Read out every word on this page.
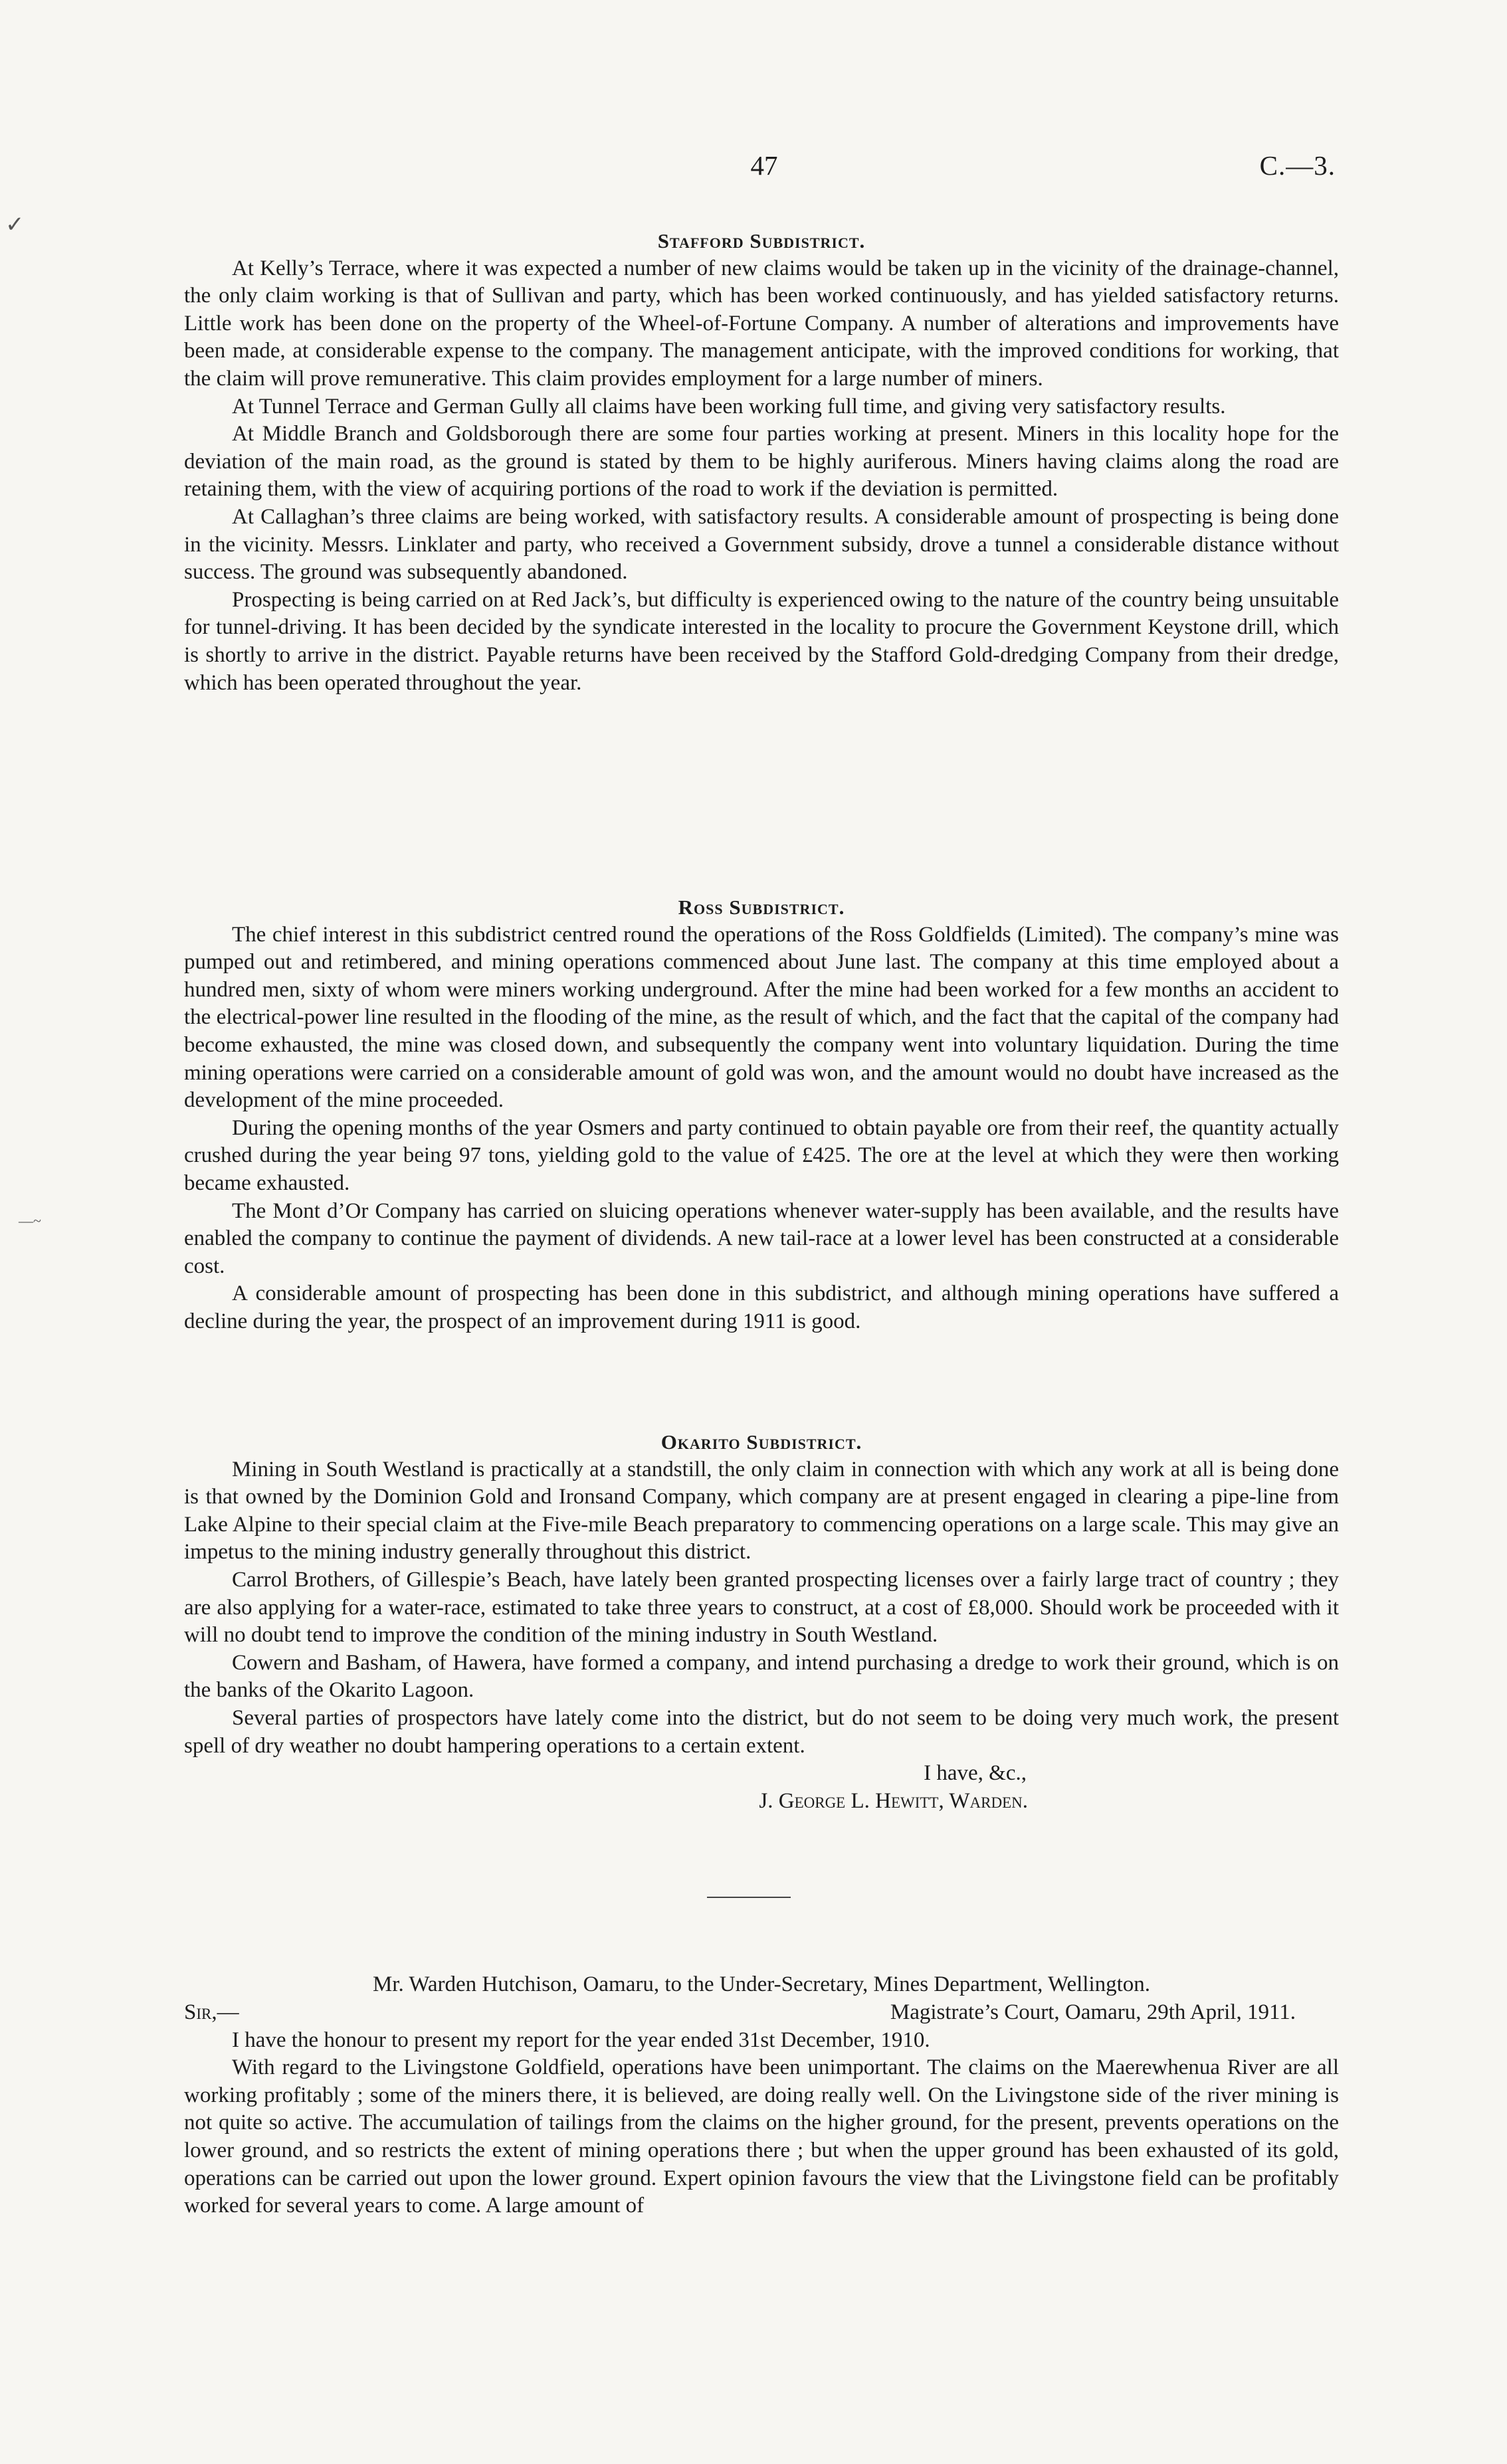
47	C.—3.
✓
—~
Stafford Subdistrict.

At Kelly’s Terrace, where it was expected a number of new claims would be taken up in the vicinity of the drainage-channel, the only claim working is that of Sullivan and party, which has been worked continuously, and has yielded satisfactory returns. Little work has been done on the property of the Wheel-of-Fortune Company. A number of alterations and improvements have been made, at considerable expense to the company. The management anticipate, with the improved conditions for working, that the claim will prove remunerative. This claim provides employment for a large number of miners.

At Tunnel Terrace and German Gully all claims have been working full time, and giving very satisfactory results.

At Middle Branch and Goldsborough there are some four parties working at present. Miners in this locality hope for the deviation of the main road, as the ground is stated by them to be highly auriferous. Miners having claims along the road are retaining them, with the view of acquiring portions of the road to work if the deviation is permitted.

At Callaghan’s three claims are being worked, with satisfactory results. A considerable amount of prospecting is being done in the vicinity. Messrs. Linklater and party, who received a Government subsidy, drove a tunnel a considerable distance without success. The ground was subsequently abandoned.

Prospecting is being carried on at Red Jack’s, but difficulty is experienced owing to the nature of the country being unsuitable for tunnel-driving. It has been decided by the syndicate interested in the locality to procure the Government Keystone drill, which is shortly to arrive in the district. Payable returns have been received by the Stafford Gold-dredging Company from their dredge, which has been operated throughout the year.

Ross Subdistrict.

The chief interest in this subdistrict centred round the operations of the Ross Goldfields (Limited). The company’s mine was pumped out and retimbered, and mining operations commenced about June last. The company at this time employed about a hundred men, sixty of whom were miners working underground. After the mine had been worked for a few months an accident to the electrical-power line resulted in the flooding of the mine, as the result of which, and the fact that the capital of the company had become exhausted, the mine was closed down, and subsequently the company went into voluntary liquidation. During the time mining operations were carried on a considerable amount of gold was won, and the amount would no doubt have increased as the development of the mine proceeded.

During the opening months of the year Osmers and party continued to obtain payable ore from their reef, the quantity actually crushed during the year being 97 tons, yielding gold to the value of £425. The ore at the level at which they were then working became exhausted.

The Mont d’Or Company has carried on sluicing operations whenever water-supply has been available, and the results have enabled the company to continue the payment of dividends. A new tail-race at a lower level has been constructed at a considerable cost.

A considerable amount of prospecting has been done in this subdistrict, and although mining operations have suffered a decline during the year, the prospect of an improvement during 1911 is good.

Okarito Subdistrict.

Mining in South Westland is practically at a standstill, the only claim in connection with which any work at all is being done is that owned by the Dominion Gold and Ironsand Company, which company are at present engaged in clearing a pipe-line from Lake Alpine to their special claim at the Five-mile Beach preparatory to commencing operations on a large scale. This may give an impetus to the mining industry generally throughout this district.

Carrol Brothers, of Gillespie’s Beach, have lately been granted prospecting licenses over a fairly large tract of country ; they are also applying for a water-race, estimated to take three years to construct, at a cost of £8,000. Should work be proceeded with it will no doubt tend to improve the condition of the mining industry in South Westland.

Cowern and Basham, of Hawera, have formed a company, and intend purchasing a dredge to work their ground, which is on the banks of the Okarito Lagoon.

Several parties of prospectors have lately come into the district, but do not seem to be doing very much work, the present spell of dry weather no doubt hampering operations to a certain extent.

I have, &c.,
J. George L. Hewitt, Warden.
Mr. Warden Hutchison, Oamaru, to the Under-Secretary, Mines Department, Wellington.
Sir,—	Magistrate’s Court, Oamaru, 29th April, 1911.

I have the honour to present my report for the year ended 31st December, 1910.

With regard to the Livingstone Goldfield, operations have been unimportant. The claims on the Maerewhenua River are all working profitably ; some of the miners there, it is believed, are doing really well. On the Livingstone side of the river mining is not quite so active. The accumulation of tailings from the claims on the higher ground, for the present, prevents operations on the lower ground, and so restricts the extent of mining operations there ; but when the upper ground has been exhausted of its gold, operations can be carried out upon the lower ground. Expert opinion favours the view that the Livingstone field can be profitably worked for several years to come. A large amount of
